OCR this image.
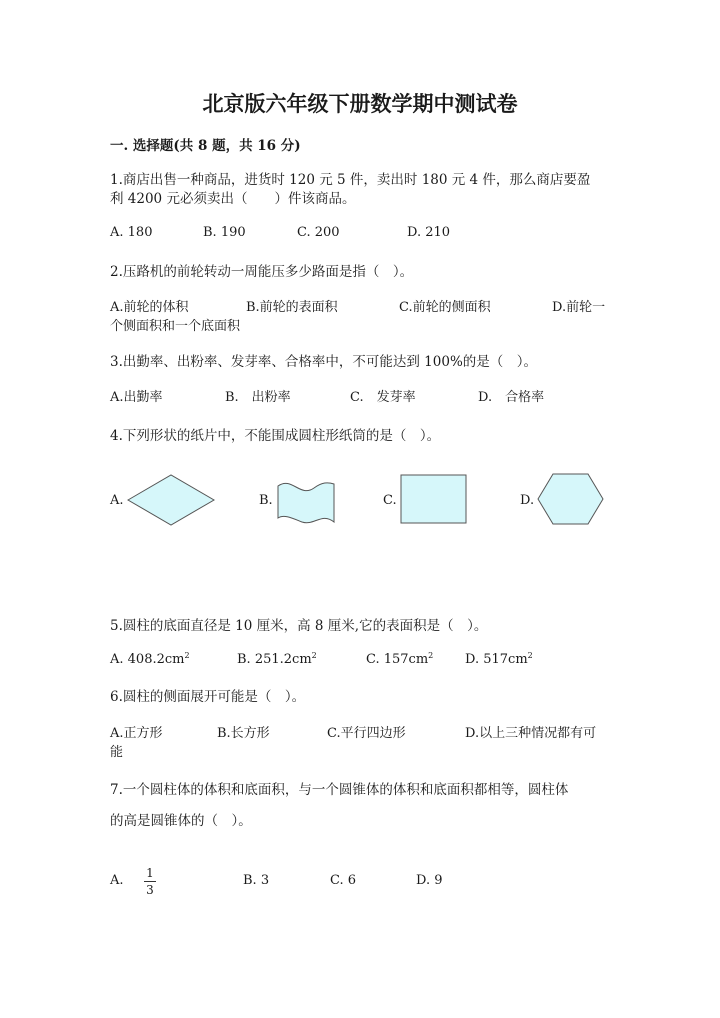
北京版六年级下册数学期中测试卷
一. 选择题(共 8 题，共 16 分)
1.商店出售一种商品，进货时 120 元 5 件，卖出时 180 元 4 件，那么商店要盈
利 4200 元必须卖出（　　）件该商品。
A. 180	B. 190	C. 200	D. 210
2.压路机的前轮转动一周能压多少路面是指（　）。
A.前轮的体积	B.前轮的表面积	C.前轮的侧面积	D.前轮一
个侧面积和一个底面积
3.出勤率、出粉率、发芽率、合格率中，不可能达到 100%的是（　）。
A.出勤率	B.　出粉率	C.　发芽率	D.　合格率
4.下列形状的纸片中，不能围成圆柱形纸筒的是（　）。
A.	B.	C.	D.
5.圆柱的底面直径是 10 厘米，高 8 厘米,它的表面积是（　）。
A. $408.2cm^2$	B. $251.2cm^2$	C. $157cm^2$ D. $517cm^2$
6.圆柱的侧面展开可能是（　）。
A.正方形	B.长方形	C.平行四边形	D.以上三种情况都有可
能
7.一个圆柱体的体积和底面积，与一个圆锥体的体积和底面积都相等，圆柱体
的高是圆锥体的（　）。
A. 1
3
B. 3	C. 6	D. 9
